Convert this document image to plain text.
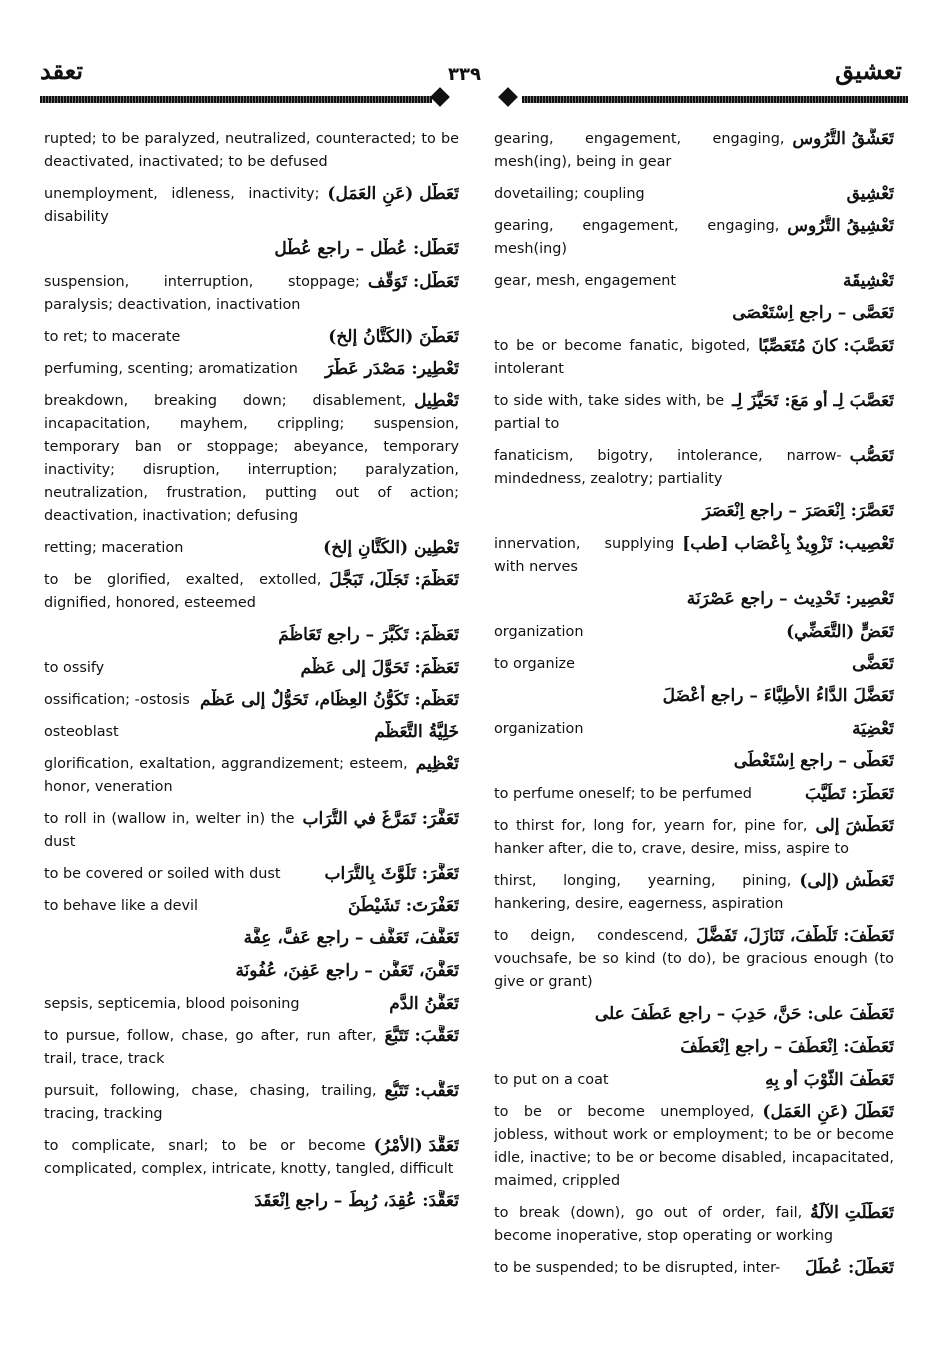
تعقد	٣٣٩	تعشيق
rupted; to be paralyzed, neutralized, counteracted; to be deactivated, inactivated; to be defused
تَعَطُّل (عَنِ العَمَل)
unemployment, idleness, inactivity; disability
تَعَطُّل: عُطْل – راجع عُطْل
تَعَطُّل: تَوَقُّف
suspension, interruption, stoppage; paralysis; deactivation, inactivation
تَعَطَّنَ (الكَتَّانُ إلخ)
to ret; to macerate
تَعْطِير: مَصْدَر عَطَّرَ
perfuming, scenting; aromatization
تَعْطِيل
breakdown, breaking down; disablement, incapacitation, mayhem, crippling; suspension, temporary ban or stoppage; abeyance, temporary inactivity; disruption, interruption; paralyzation, neutralization, frustration, putting out of action; deactivation, inactivation; defusing
تَعْطِين (الكَتَّانِ إلخ)
retting; maceration
تَعَظَّمَ: تَجَلَّلَ، تَبَجَّلَ
to be glorified, exalted, extolled, dignified, honored, esteemed
تَعَظَّمَ: تَكَبَّرَ – راجع تَعَاظَمَ
تَعَظَّمَ: تَحَوَّلَ إلى عَظْم
to ossify
تَعَظُّم: تَكَوُّنُ العِظَام، تَحَوُّلٌ إلى عَظْم
ossification; -ostosis
خَلِيَّةُ التَّعَظُّم
osteoblast
تَعْظِيم
glorification, exaltation, aggrandizement; esteem, honor, veneration
تَعَفَّرَ: تَمَرَّغَ في التُّرَاب
to roll in (wallow in, welter in) the dust
تَعَفَّرَ: تَلَوَّثَ بِالتُّرَاب
to be covered or soiled with dust
تَعَفْرَتَ: تَشَيْطَنَ
to behave like a devil
تَعَفَّفَ، تَعَفُّف – راجع عَفَّ، عِفَّة
تَعَفَّنَ، تَعَفُّن – راجع عَفِنَ، عُفُونَة
تَعَفُّنُ الدَّم
sepsis, septicemia, blood poisoning
تَعَقَّبَ: تَتَبَّعَ
to pursue, follow, chase, go after, run after, trail, trace, track
تَعَقُّب: تَتَبُّع
pursuit, following, chase, chasing, trailing, tracing, tracking
تَعَقَّدَ (الأَمْرُ)
to complicate, snarl; to be or become complicated, complex, intricate, knotty, tangled, difficult
تَعَقَّدَ: عُقِدَ، رُبِطَ – راجع اِنْعَقَدَ
تَعَشُّقُ التُّرُوس
gearing, engagement, engaging, mesh(ing), being in gear
تَعْشِيق
dovetailing; coupling
تَعْشِيقُ التُّرُوس
gearing, engagement, engaging, mesh(ing)
تَعْشِيقَة
gear, mesh, engagement
تَعَصَّى – راجع اِسْتَعْصَى
تَعَصَّبَ: كانَ مُتَعَصِّبًا
to be or become fanatic, bigoted, intolerant
تَعَصَّبَ لِـ أو مَعَ: تَحَيَّزَ لِـ
to side with, take sides with, be partial to
تَعَصُّب
fanaticism, bigotry, intolerance, narrow-mindedness, zealotry; partiality
تَعَصَّرَ: اِنْعَصَرَ – راجع اِنْعَصَرَ
تَعْصِيب: تَزْوِيدٌ بِأَعْصَاب [طب]
innervation, supplying with nerves
تَعْصِير: تَحْدِيث – راجع عَصْرَنَة
تَعَضٍّ (التَّعَضِّي)
organization
تَعَضَّى
to organize
تَعَضَّلَ الدَّاءُ الأَطِبَّاءَ – راجع أَعْضَلَ
تَعْضِيَة
organization
تَعَطَّى – راجع اِسْتَعْطَى
تَعَطَّرَ: تَطَيَّبَ
to perfume oneself; to be perfumed
تَعَطَّشَ إلى
to thirst for, long for, yearn for, pine for, hanker after, die to, crave, desire, miss, aspire to
تَعَطُّش (إلى)
thirst, longing, yearning, pining, hankering, desire, eagerness, aspiration
تَعَطَّفَ: تَلَطَّفَ، تَنَازَلَ، تَفَضَّلَ
to deign, condescend, vouchsafe, be so kind (to do), be gracious enough (to give or grant)
تَعَطَّفَ على: حَنَّ، حَدِبَ – راجع عَطَفَ على
تَعَطَّفَ: اِنْعَطَفَ – راجع اِنْعَطَفَ
تَعَطَّفَ الثَّوْبَ أو بِهِ
to put on a coat
تَعَطَّلَ (عَنِ العَمَل)
to be or become unemployed, jobless, without work or employment; to be or become idle, inactive; to be or become disabled, incapacitated, maimed, crippled
تَعَطَّلَتِ الآلَةُ
to break (down), go out of order, fail, become inoperative, stop operating or working
تَعَطَّلَ: عُطِّلَ
to be suspended; to be disrupted, inter-
